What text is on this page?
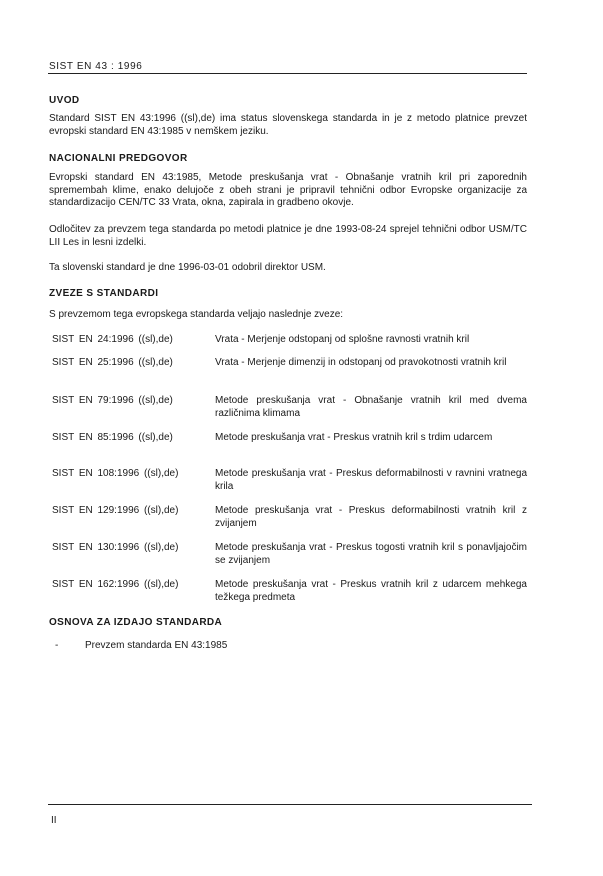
SIST EN 43 : 1996
UVOD
Standard SIST EN 43:1996 ((sl),de) ima status slovenskega standarda in je z metodo platnice prevzet evropski standard EN 43:1985 v nemškem jeziku.
NACIONALNI PREDGOVOR
Evropski standard EN 43:1985, Metode preskušanja vrat - Obnašanje vratnih kril pri zaporednih spremembah klime, enako delujoče z obeh strani je pripravil tehnični odbor Evropske organizacije za standardizacijo CEN/TC 33 Vrata, okna, zapirala in gradbeno okovje.
Odločitev za prevzem tega standarda po metodi platnice je dne 1993-08-24 sprejel tehnični odbor USM/TC LII Les in lesni izdelki.
Ta slovenski standard je dne 1996-03-01 odobril direktor USM.
ZVEZE S STANDARDI
S prevzemom tega evropskega standarda veljajo naslednje zveze:
SIST EN 24:1996 ((sl),de)	Vrata - Merjenje odstopanj od splošne ravnosti vratnih kril
SIST EN 25:1996 ((sl),de)	Vrata - Merjenje dimenzij in odstopanj od pravokotnosti vratnih kril
SIST EN 79:1996 ((sl),de)	Metode preskušanja vrat - Obnašanje vratnih kril med dvema različnima klimama
SIST EN 85:1996 ((sl),de)	Metode preskušanja vrat - Preskus vratnih kril s trdim udarcem
SIST EN 108:1996 ((sl),de)	Metode preskušanja vrat - Preskus deformabilnosti v ravnini vratnega krila
SIST EN 129:1996 ((sl),de)	Metode preskušanja vrat - Preskus deformabilnosti vratnih kril z zvijanjem
SIST EN 130:1996 ((sl),de)	Metode preskušanja vrat - Preskus togosti vratnih kril s ponavljajočim se zvijanjem
SIST EN 162:1996 ((sl),de)	Metode preskušanja vrat - Preskus vratnih kril z udarcem mehkega težkega predmeta
OSNOVA ZA IZDAJO STANDARDA
-	Prevzem standarda EN 43:1985
II
